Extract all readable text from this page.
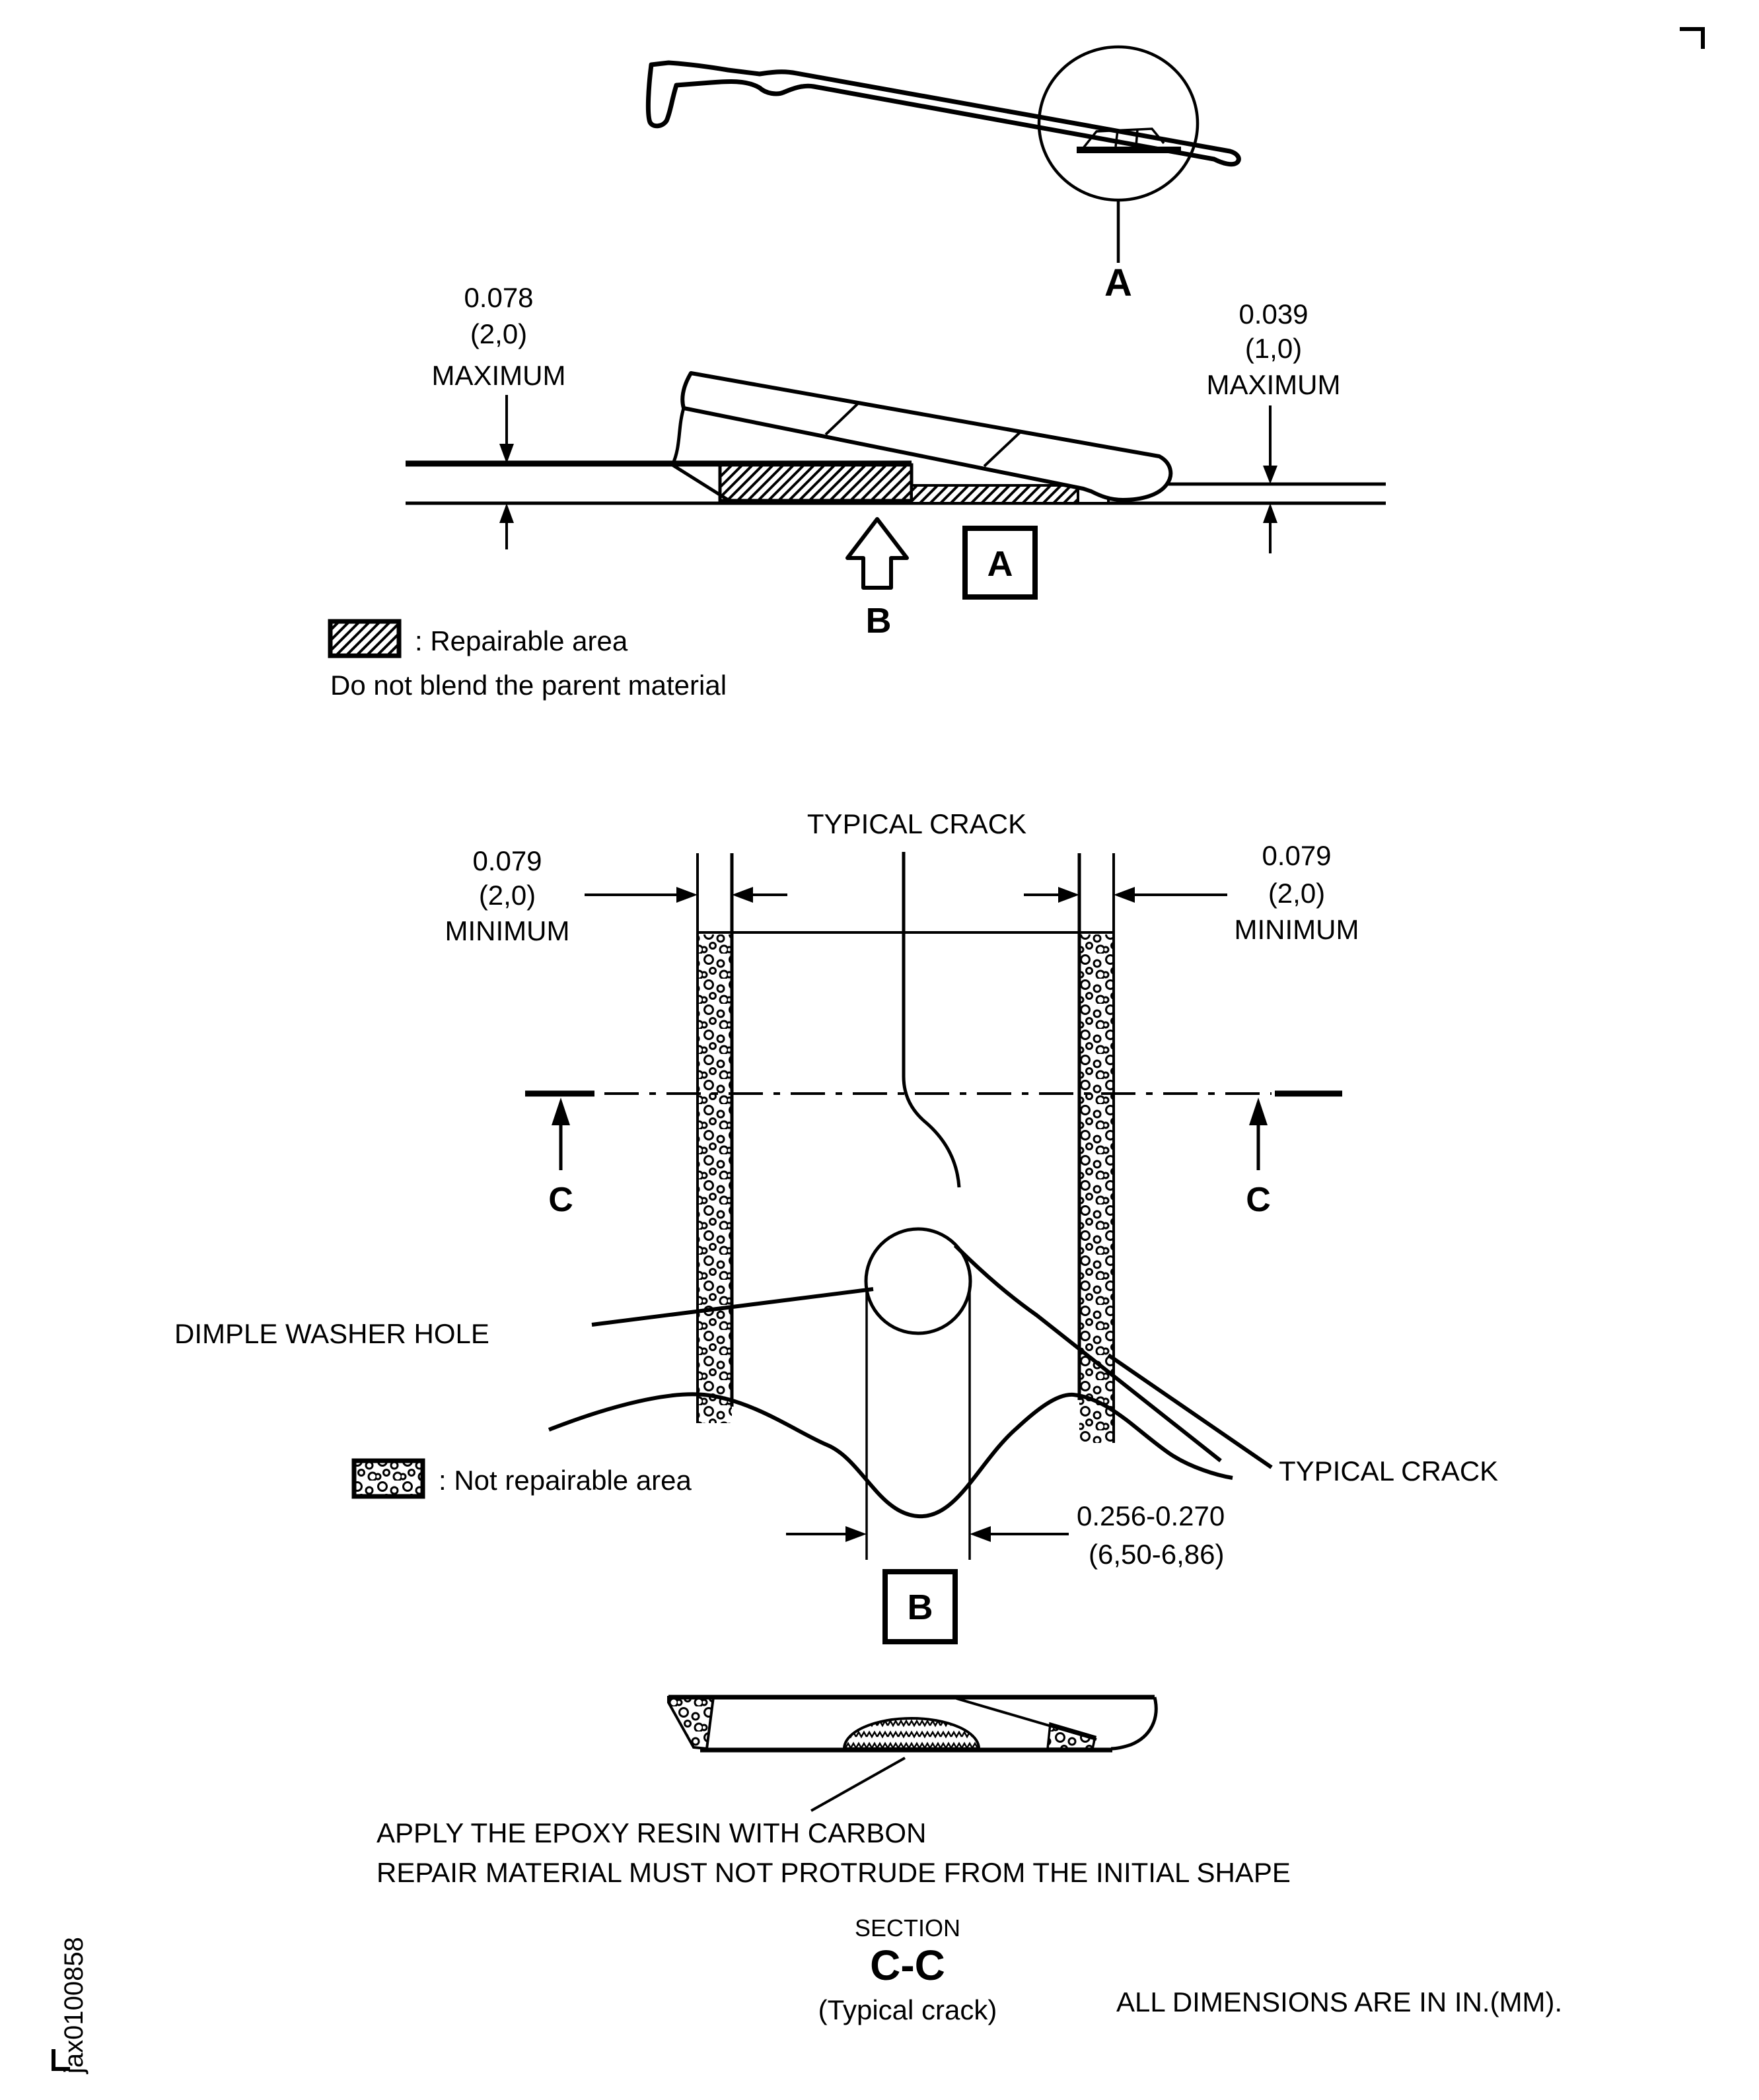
A
0.078
(2,0)
MAXIMUM
0.039
(1,0)
MAXIMUM
B
A
: Repairable area
Do not blend the parent material
TYPICAL CRACK
0.079
(2,0)
MINIMUM
0.079
(2,0)
MINIMUM
C	C
DIMPLE WASHER HOLE
TYPICAL CRACK
0.256-0.270
(6,50-6,86)
B
: Not repairable area
APPLY THE EPOXY RESIN WITH CARBON
REPAIR MATERIAL MUST NOT PROTRUDE FROM THE INITIAL SHAPE
SECTION
C-C
(Typical crack)	ALL DIMENSIONS ARE IN IN.(MM).
jax0100858
